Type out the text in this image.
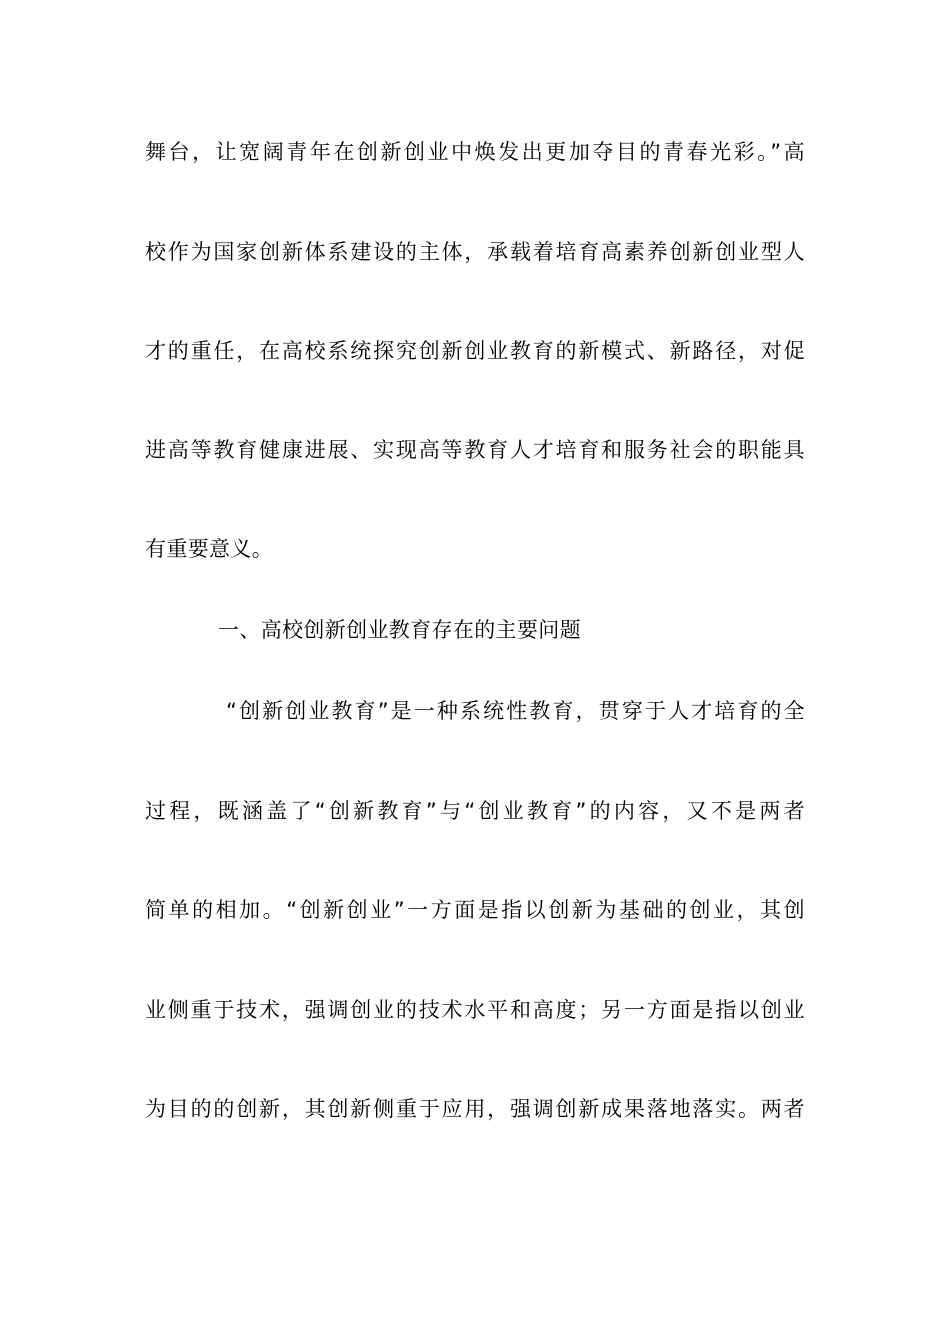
舞台，让宽阔青年在创新创业中焕发出更加夺目的青春光彩。”高
校作为国家创新体系建设的主体，承载着培育高素养创新创业型人
才的重任，在高校系统探究创新创业教育的新模式、新路径，对促
进高等教育健康进展、实现高等教育人才培育和服务社会的职能具
有重要意义。
一、高校创新创业教育存在的主要问题
“创新创业教育”是一种系统性教育，贯穿于人才培育的全
过程，既涵盖了“创新教育”与“创业教育”的内容，又不是两者
简单的相加。“创新创业”一方面是指以创新为基础的创业，其创
业侧重于技术，强调创业的技术水平和高度；另一方面是指以创业
为目的的创新，其创新侧重于应用，强调创新成果落地落实。两者
